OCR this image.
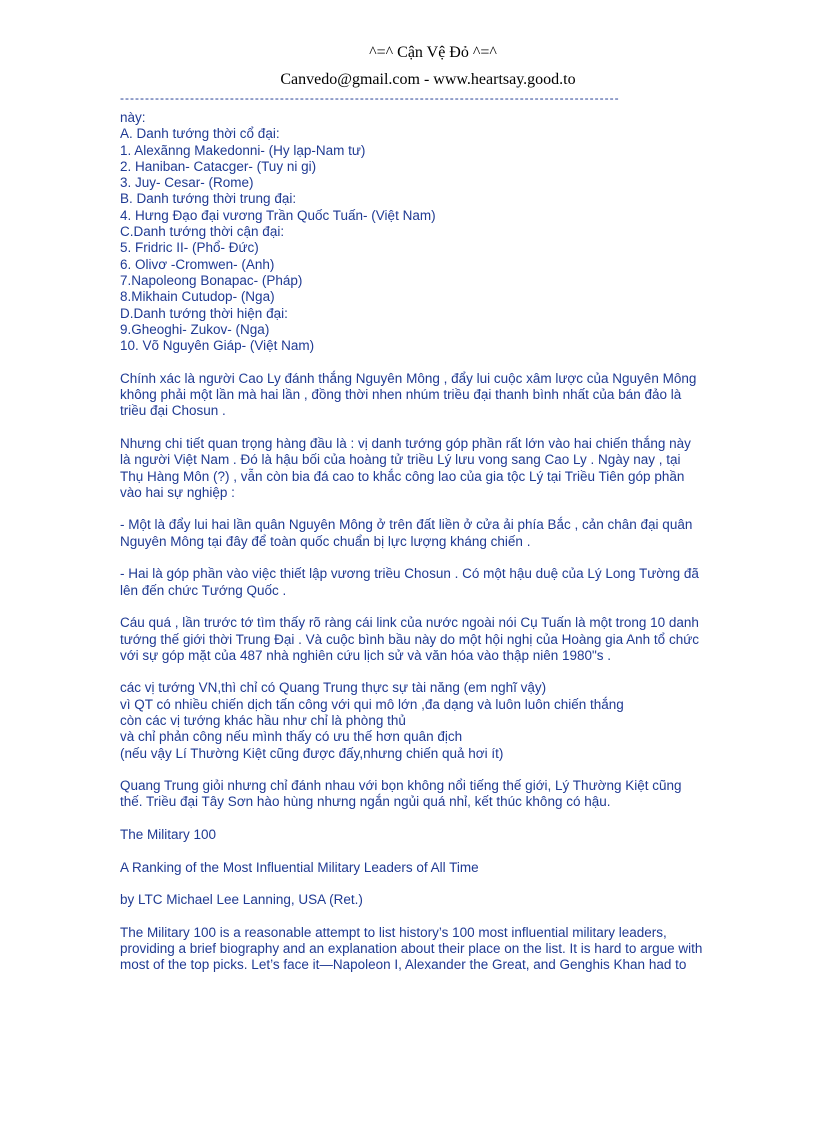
^=^ Cận Vệ Đỏ ^=^
Canvedo@gmail.com - www.heartsay.good.to
----------------------------------------------------------------------------------------------------
này:
A. Danh tướng thời cổ đại:
1. Alexãnng Makedonni- (Hy lạp-Nam tư)
2. Haniban- Catacger- (Tuy ni gi)
3. Juy- Cesar- (Rome)
B. Danh tướng thời trung đại:
4. Hưng Đạo đại vương Trần Quốc Tuấn- (Việt Nam)
C.Danh tướng thời cận đại:
5. Fridric II- (Phổ- Đức)
6. Olivơ -Cromwen- (Anh)
7.Napoleong Bonapac- (Pháp)
8.Mikhain Cutudop- (Nga)
D.Danh tướng thời hiện đại:
9.Gheoghi- Zukov- (Nga)
10. Võ Nguyên Giáp- (Việt Nam)
Chính xác là người Cao Ly đánh thắng Nguyên Mông , đẩy lui cuộc xâm lược của Nguyên Mông
không phải một lần mà hai lần , đồng thời nhen nhúm triều đại thanh bình nhất của bán đảo là
triều đại Chosun .
Nhưng chi tiết quan trọng hàng đầu là : vị danh tướng góp phần rất lớn vào hai chiến thắng này
là người Việt Nam . Đó là hậu bối của hoàng tử triều Lý lưu vong sang Cao Ly . Ngày nay , tại
Thụ Hàng Môn (?) , vẫn còn bia đá cao to khắc công lao của gia tộc Lý tại Triều Tiên góp phần
vào hai sự nghiệp :
- Một là đẩy lui hai lần quân Nguyên Mông ở trên đất liền ở cửa ải phía Bắc , cản chân đại quân
Nguyên Mông tại đây để toàn quốc chuẩn bị lực lượng kháng chiến .
- Hai là góp phần vào việc thiết lập vương triều Chosun . Có một hậu duệ của Lý Long Tường đã
lên đến chức Tướng Quốc .
Cáu quá , lần trước tớ tìm thấy rõ ràng cái link của nước ngoài nói Cụ Tuấn là một trong 10 danh
tướng thế giới thời Trung Đại . Và cuộc bình bầu này do một hội nghị của Hoàng gia Anh tổ chức
với sự góp mặt của 487 nhà nghiên cứu lịch sử và văn hóa vào thập niên 1980"s .
các vị tướng VN,thì chỉ có Quang Trung thực sự tài năng (em nghĩ vậy)
vì QT có nhiều chiến dịch tấn công với qui mô lớn ,đa dạng và luôn luôn chiến thắng
còn các vị tướng khác hầu như chỉ là phòng thủ
và chỉ phản công nếu mình thấy có ưu thế hơn quân địch
(nếu vậy Lí Thường Kiệt cũng được đấy,nhưng chiến quả hơi ít)
Quang Trung giỏi nhưng chỉ đánh nhau với bọn không nổi tiếng thế giới, Lý Thường Kiệt cũng
thế. Triều đại Tây Sơn hào hùng nhưng ngắn ngủi quá nhỉ, kết thúc không có hậu.
The Military 100
A Ranking of the Most Influential Military Leaders of All Time
by LTC Michael Lee Lanning, USA (Ret.)
The Military 100 is a reasonable attempt to list history’s 100 most influential military leaders,
providing a brief biography and an explanation about their place on the list. It is hard to argue with
most of the top picks. Let’s face it—Napoleon I, Alexander the Great, and Genghis Khan had to
